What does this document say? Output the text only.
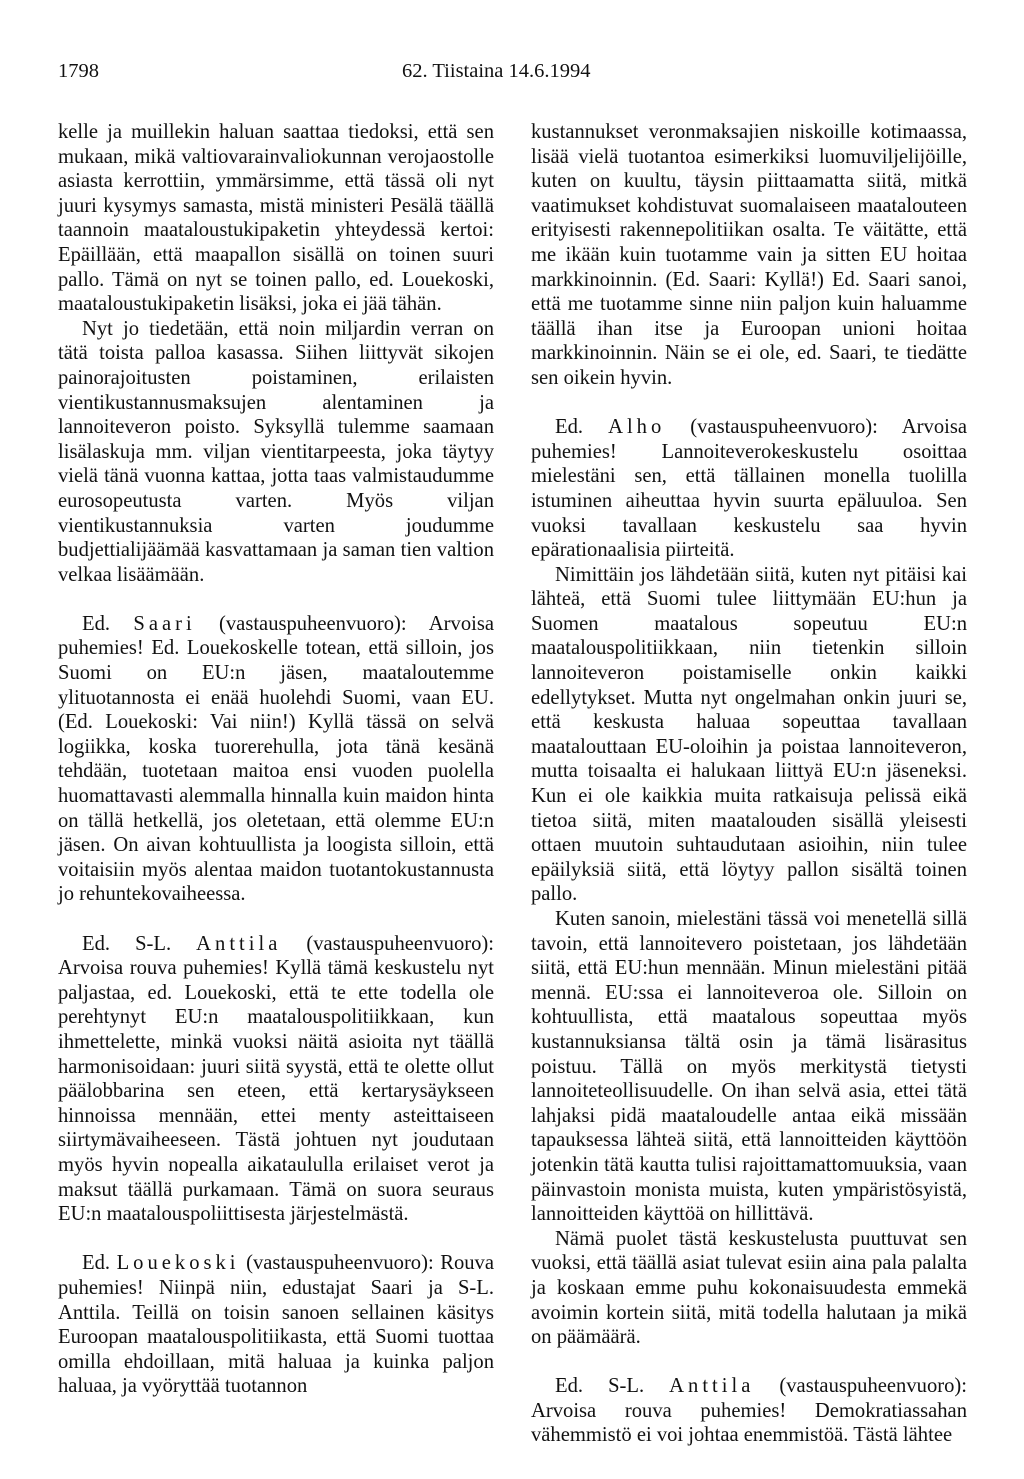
1798	62. Tiistaina 14.6.1994

kelle ja muillekin haluan saattaa tiedoksi, että sen mukaan, mikä valtiovarainvaliokunnan verojaostolle asiasta kerrottiin, ymmärsimme, että tässä oli nyt juuri kysymys samasta, mistä ministeri Pesälä täällä taannoin maataloustukipaketin yhteydessä kertoi: Epäillään, että maapallon sisällä on toinen suuri pallo. Tämä on nyt se toinen pallo, ed. Louekoski, maataloustukipaketin lisäksi, joka ei jää tähän.

Nyt jo tiedetään, että noin miljardin verran on tätä toista palloa kasassa. Siihen liittyvät sikojen painorajoitusten poistaminen, erilaisten vientikustannusmaksujen alentaminen ja lannoiteveron poisto. Syksyllä tulemme saamaan lisälaskuja mm. viljan vientitarpeesta, joka täytyy vielä tänä vuonna kattaa, jotta taas valmistaudumme eurosopeutusta varten. Myös viljan vientikustannuksia varten joudumme budjettialijäämää kasvattamaan ja saman tien valtion velkaa lisäämään.

Ed. Saari (vastauspuheenvuoro): Arvoisa puhemies! Ed. Louekoskelle totean, että silloin, jos Suomi on EU:n jäsen, maataloutemme ylituotannosta ei enää huolehdi Suomi, vaan EU. (Ed. Louekoski: Vai niin!) Kyllä tässä on selvä logiikka, koska tuorerehulla, jota tänä kesänä tehdään, tuotetaan maitoa ensi vuoden puolella huomattavasti alemmalla hinnalla kuin maidon hinta on tällä hetkellä, jos oletetaan, että olemme EU:n jäsen. On aivan kohtuullista ja loogista silloin, että voitaisiin myös alentaa maidon tuotantokustannusta jo rehuntekovaiheessa.

Ed. S-L. Anttila (vastauspuheenvuoro): Arvoisa rouva puhemies! Kyllä tämä keskustelu nyt paljastaa, ed. Louekoski, että te ette todella ole perehtynyt EU:n maatalouspolitiikkaan, kun ihmettelette, minkä vuoksi näitä asioita nyt täällä harmonisoidaan: juuri siitä syystä, että te olette ollut päälobbarina sen eteen, että kertarysäykseen hinnoissa mennään, ettei menty asteittaiseen siirtymävaiheeseen. Tästä johtuen nyt joudutaan myös hyvin nopealla aikataululla erilaiset verot ja maksut täällä purkamaan. Tämä on suora seuraus EU:n maatalouspoliittisesta järjestelmästä.

Ed. Louekoski (vastauspuheenvuoro): Rouva puhemies! Niinpä niin, edustajat Saari ja S-L. Anttila. Teillä on toisin sanoen sellainen käsitys Euroopan maatalouspolitiikasta, että Suomi tuottaa omilla ehdoillaan, mitä haluaa ja kuinka paljon haluaa, ja vyöryttää tuotannon

kustannukset veronmaksajien niskoille kotimaassa, lisää vielä tuotantoa esimerkiksi luomuviljelijöille, kuten on kuultu, täysin piittaamatta siitä, mitkä vaatimukset kohdistuvat suomalaiseen maatalouteen erityisesti rakennepolitiikan osalta. Te väitätte, että me ikään kuin tuotamme vain ja sitten EU hoitaa markkinoinnin. (Ed. Saari: Kyllä!) Ed. Saari sanoi, että me tuotamme sinne niin paljon kuin haluamme täällä ihan itse ja Euroopan unioni hoitaa markkinoinnin. Näin se ei ole, ed. Saari, te tiedätte sen oikein hyvin.

Ed. Alho (vastauspuheenvuoro): Arvoisa puhemies! Lannoiteverokeskustelu osoittaa mielestäni sen, että tällainen monella tuolilla istuminen aiheuttaa hyvin suurta epäluuloa. Sen vuoksi tavallaan keskustelu saa hyvin epärationaalisia piirteitä.

Nimittäin jos lähdetään siitä, kuten nyt pitäisi kai lähteä, että Suomi tulee liittymään EU:hun ja Suomen maatalous sopeutuu EU:n maatalouspolitiikkaan, niin tietenkin silloin lannoiteveron poistamiselle onkin kaikki edellytykset. Mutta nyt ongelmahan onkin juuri se, että keskusta haluaa sopeuttaa tavallaan maatalouttaan EU-oloihin ja poistaa lannoiteveron, mutta toisaalta ei halukaan liittyä EU:n jäseneksi. Kun ei ole kaikkia muita ratkaisuja pelissä eikä tietoa siitä, miten maatalouden sisällä yleisesti ottaen muutoin suhtaudutaan asioihin, niin tulee epäilyksiä siitä, että löytyy pallon sisältä toinen pallo.

Kuten sanoin, mielestäni tässä voi menetellä sillä tavoin, että lannoitevero poistetaan, jos lähdetään siitä, että EU:hun mennään. Minun mielestäni pitää mennä. EU:ssa ei lannoiteveroa ole. Silloin on kohtuullista, että maatalous sopeuttaa myös kustannuksiansa tältä osin ja tämä lisärasitus poistuu. Tällä on myös merkitystä tietysti lannoiteteollisuudelle. On ihan selvä asia, ettei tätä lahjaksi pidä maataloudelle antaa eikä missään tapauksessa lähteä siitä, että lannoitteiden käyttöön jotenkin tätä kautta tulisi rajoittamattomuuksia, vaan päinvastoin monista muista, kuten ympäristösyistä, lannoitteiden käyttöä on hillittävä.

Nämä puolet tästä keskustelusta puuttuvat sen vuoksi, että täällä asiat tulevat esiin aina pala palalta ja koskaan emme puhu kokonaisuudesta emmekä avoimin kortein siitä, mitä todella halutaan ja mikä on päämäärä.

Ed. S-L. Anttila (vastauspuheenvuoro): Arvoisa rouva puhemies! Demokratiassahan vähemmistö ei voi johtaa enemmistöä. Tästä lähtee
